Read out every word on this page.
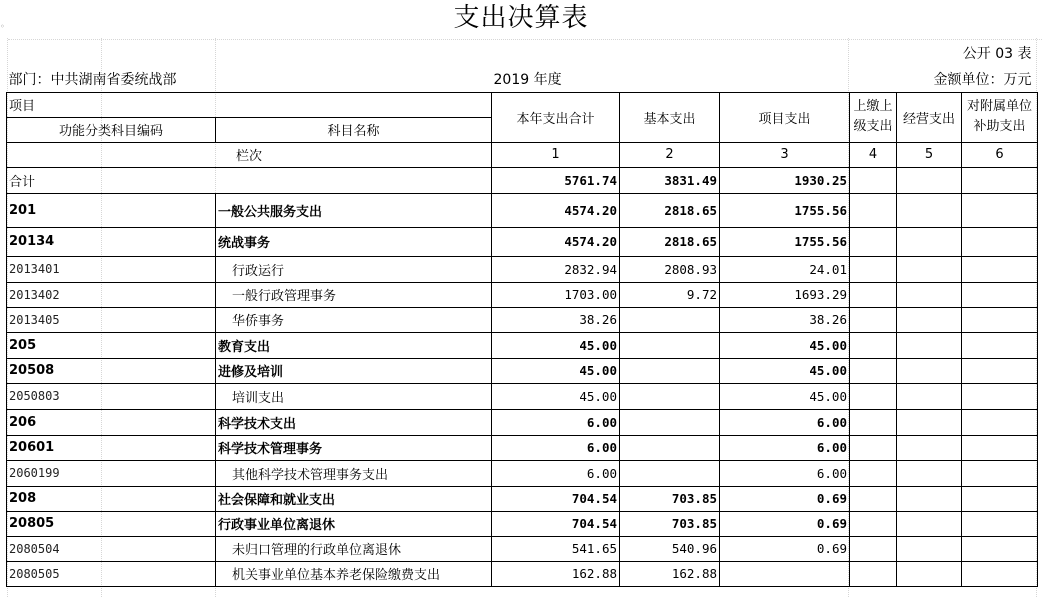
支出决算表
◦
公开 03 表							
部门：中共湖南省委统战部		2019 年度			金额单位：万元		
项目		本年支出合计	基本支出	项目支出	上缴上级支出	经营支出	对附属单位补助支出
功能分类科目编码	科目名称						
栏次		1	2	3	4	5	6
合计		5761.74	3831.49	1930.25			
201	一般公共服务支出	4574.20	2818.65	1755.56			
20134	统战事务	4574.20	2818.65	1755.56			
2013401	行政运行	2832.94	2808.93	24.01			
2013402	一般行政管理事务	1703.00	9.72	1693.29			
2013405	华侨事务	38.26		38.26			
205	教育支出	45.00		45.00			
20508	进修及培训	45.00		45.00			
2050803	培训支出	45.00		45.00			
206	科学技术支出	6.00		6.00			
20601	科学技术管理事务	6.00		6.00			
2060199	其他科学技术管理事务支出	6.00		6.00			
208	社会保障和就业支出	704.54	703.85	0.69			
20805	行政事业单位离退休	704.54	703.85	0.69			
2080504	未归口管理的行政单位离退休	541.65	540.96	0.69			
2080505	机关事业单位基本养老保险缴费支出	162.88	162.88				
